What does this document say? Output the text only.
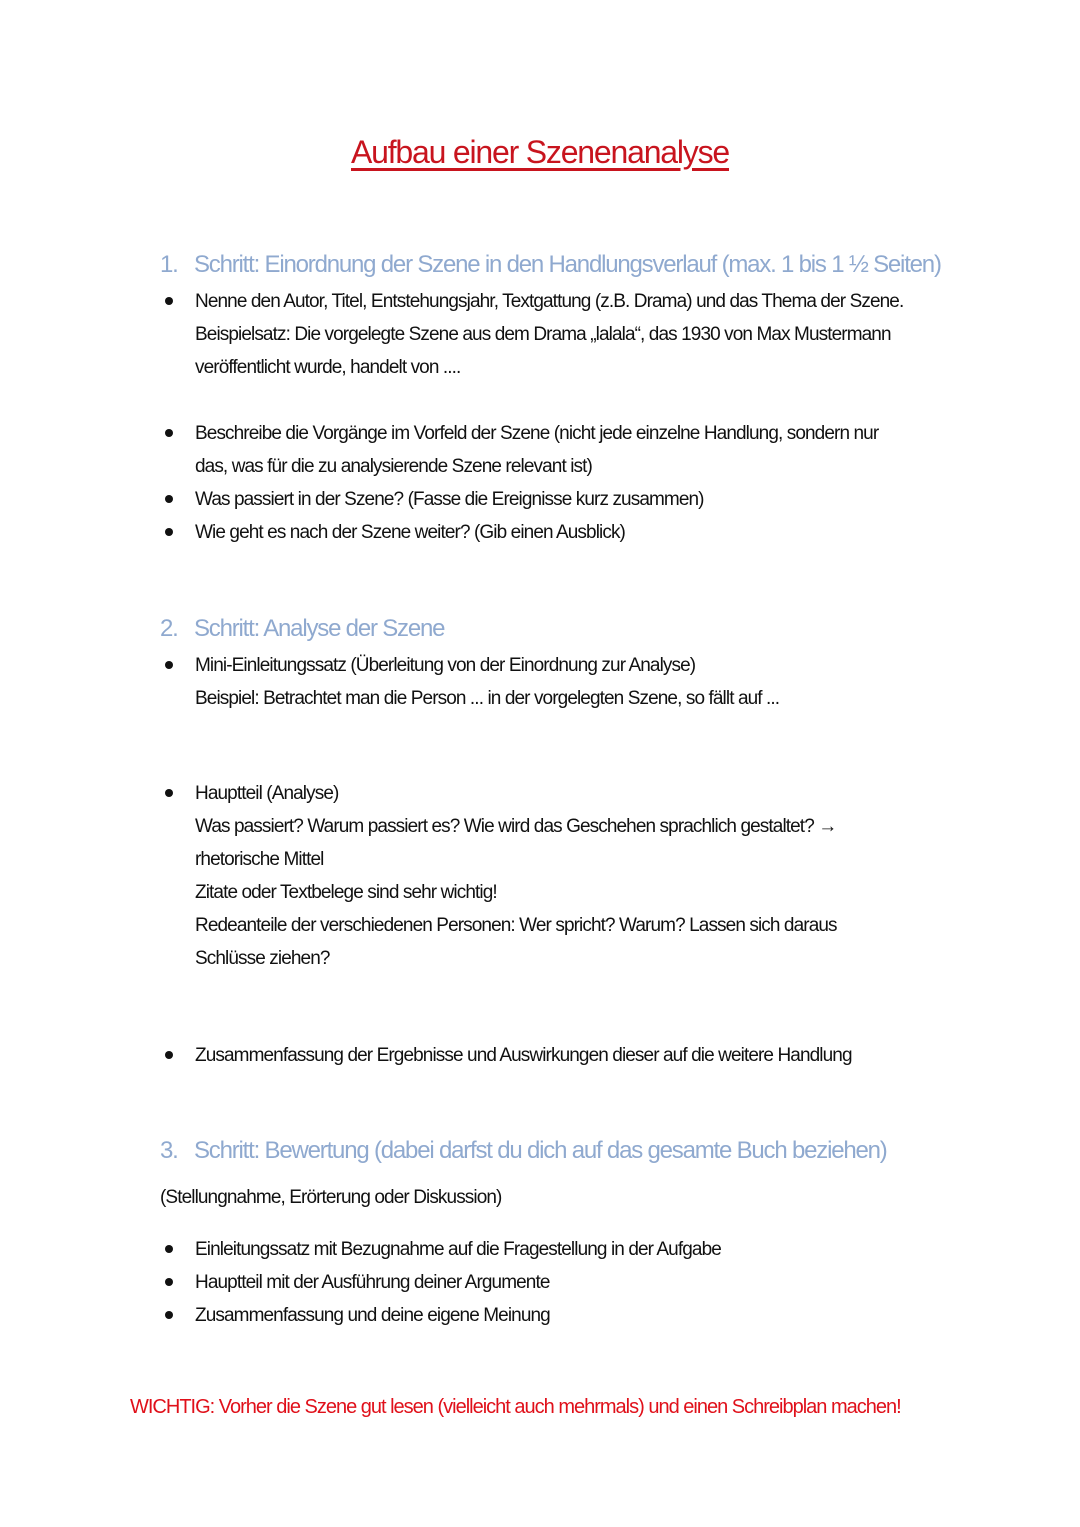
Aufbau einer Szenenanalyse
1. Schritt: Einordnung der Szene in den Handlungsverlauf (max. 1 bis 1 ½ Seiten)
Nenne den Autor, Titel, Entstehungsjahr, Textgattung (z.B. Drama) und das Thema der Szene.
Beispielsatz: Die vorgelegte Szene aus dem Drama „lalala“, das 1930 von Max Mustermann
veröffentlicht wurde, handelt von ....
Beschreibe die Vorgänge im Vorfeld der Szene (nicht jede einzelne Handlung, sondern nur
das, was für die zu analysierende Szene relevant ist)
Was passiert in der Szene? (Fasse die Ereignisse kurz zusammen)
Wie geht es nach der Szene weiter? (Gib einen Ausblick)
2. Schritt: Analyse der Szene
Mini-Einleitungssatz (Überleitung von der Einordnung zur Analyse)
Beispiel: Betrachtet man die Person ... in der vorgelegten Szene, so fällt auf ...
Hauptteil (Analyse)
Was passiert? Warum passiert es? Wie wird das Geschehen sprachlich gestaltet? →
rhetorische Mittel
Zitate oder Textbelege sind sehr wichtig!
Redeanteile der verschiedenen Personen: Wer spricht? Warum? Lassen sich daraus
Schlüsse ziehen?
Zusammenfassung der Ergebnisse und Auswirkungen dieser auf die weitere Handlung
3. Schritt: Bewertung (dabei darfst du dich auf das gesamte Buch beziehen)
(Stellungnahme, Erörterung oder Diskussion)
Einleitungssatz mit Bezugnahme auf die Fragestellung in der Aufgabe
Hauptteil mit der Ausführung deiner Argumente
Zusammenfassung und deine eigene Meinung
WICHTIG: Vorher die Szene gut lesen (vielleicht auch mehrmals) und einen Schreibplan machen!
